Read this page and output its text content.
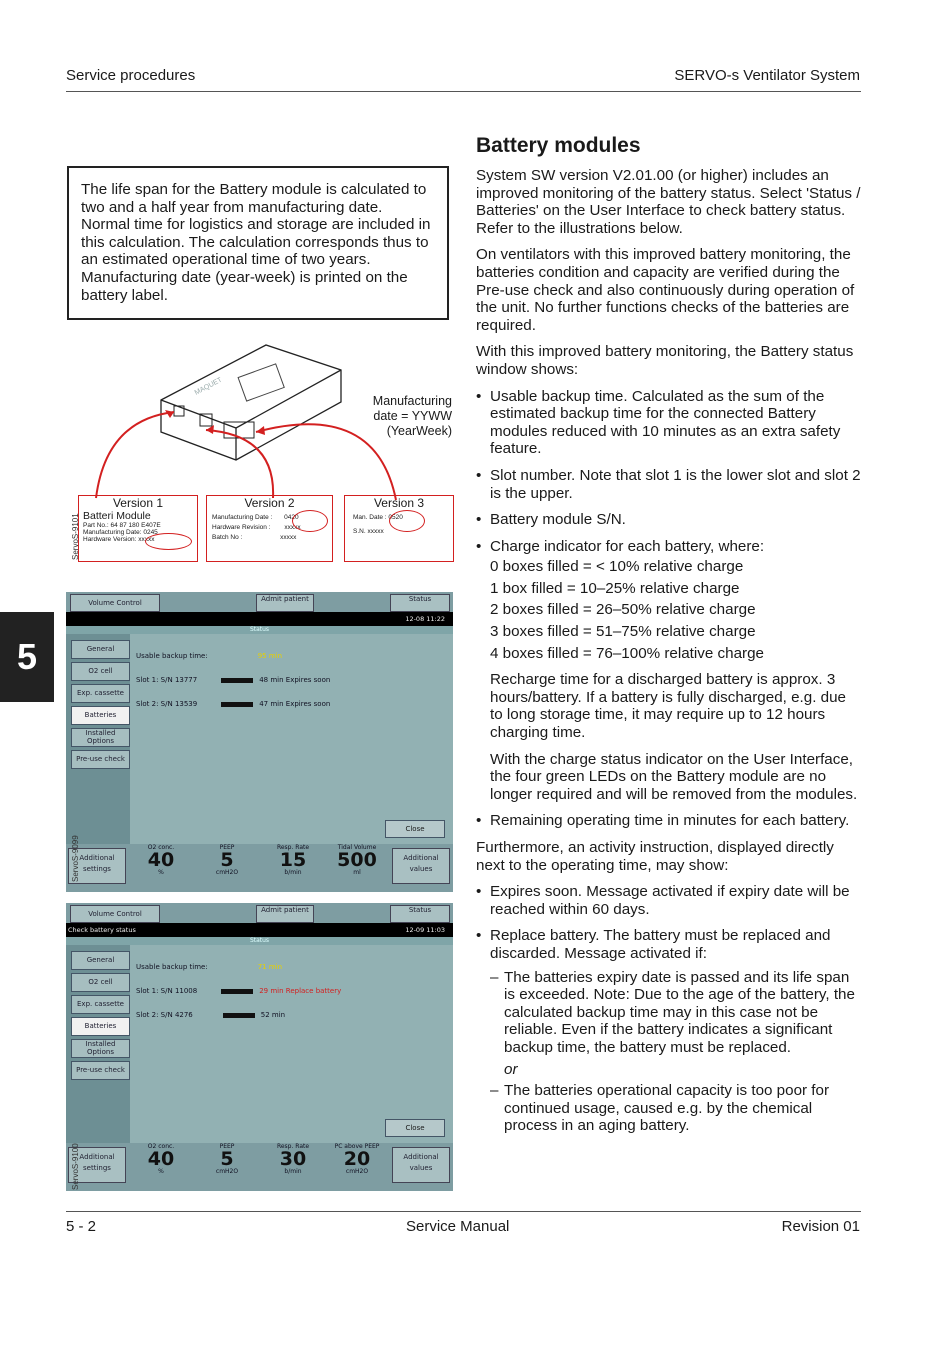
Service procedures	SERVO-s Ventilator System
5
The life span for the Battery module is calculated to two and a half year from manufacturing date. Normal time for logistics and storage are included in this calculation. The calculation corresponds thus to an estimated operational time of two years. Manufacturing date (year-week) is printed on the battery label.
MAQUET
Manufacturing date = YYWW (YearWeek)
Version 1
Batteri Module
Part No.: 64 87 180 E407E
Manufacturing Date: 0245
Hardware Version: xxxxx
Version 2
Manufacturing Date : 0420
Hardware Revision : xxxxx
Batch No :	xxxxx
Version 3
Man. Date : 0520
S.N. xxxxx
ServoS-9101
Volume Control	Admit patient	Status
12-08 11:22
Status
General
O2 cell
Exp. cassette
Batteries
Installed Options
Pre-use check
Usable backup time:	95 min
Slot 1: S/N 13777	48 min Expires soon
Slot 2: S/N 13539	47 min Expires soon
Close
Additional settings
O2 conc.
40
%
PEEP
5
cmH2O
Resp. Rate
15
b/min
Tidal Volume
500
ml
Additional values
ServoS-9099
Volume Control	Admit patient	Status
Check battery status	12-09 11:03
Status
General
O2 cell
Exp. cassette
Batteries
Installed Options
Pre-use check
Usable backup time:	71 min
Slot 1: S/N 11008	29 min Replace battery
Slot 2: S/N 4276	52 min
Close
Additional settings
O2 conc.
40
%
PEEP
5
cmH2O
Resp. Rate
30
b/min
PC above PEEP
20
cmH2O
Additional values
ServoS-9100
Battery modules

System SW version V2.01.00 (or higher) includes an improved monitoring of the battery status. Select 'Status / Batteries' on the User Interface to check battery status. Refer to the illustrations below.

On ventilators with this improved battery monitoring, the batteries condition and capacity are verified during the Pre-use check and also continuously during operation of the unit. No further functions checks of the batteries are required.

With this improved battery monitoring, the Battery status window shows:

• Usable backup time. Calculated as the sum of the estimated backup time for the connected Battery modules reduced with 10 minutes as an extra safety feature.
• Slot number. Note that slot 1 is the lower slot and slot 2 is the upper.
• Battery module S/N.
• Charge indicator for each battery, where:
0 boxes filled = < 10% relative charge
1 box filled = 10–25% relative charge
2 boxes filled = 26–50% relative charge
3 boxes filled = 51–75% relative charge
4 boxes filled = 76–100% relative charge
Recharge time for a discharged battery is approx. 3 hours/battery. If a battery is fully discharged, e.g. due to long storage time, it may require up to 12 hours charging time.
With the charge status indicator on the User Interface, the four green LEDs on the Battery module are no longer required and will be removed from the modules.
• Remaining operating time in minutes for each battery.

Furthermore, an activity instruction, displayed directly next to the operating time, may show:

• Expires soon. Message activated if expiry date will be reached within 60 days.
• Replace battery. The battery must be replaced and discarded. Message activated if:
– The batteries expiry date is passed and its life span is exceeded. Note: Due to the age of the battery, the calculated backup time may in this case not be reliable. Even if the battery indicates a significant backup time, the battery must be replaced.
or
– The batteries operational capacity is too poor for continued usage, caused e.g. by the chemical process in an aging battery.
5 - 2	Service Manual	Revision 01
